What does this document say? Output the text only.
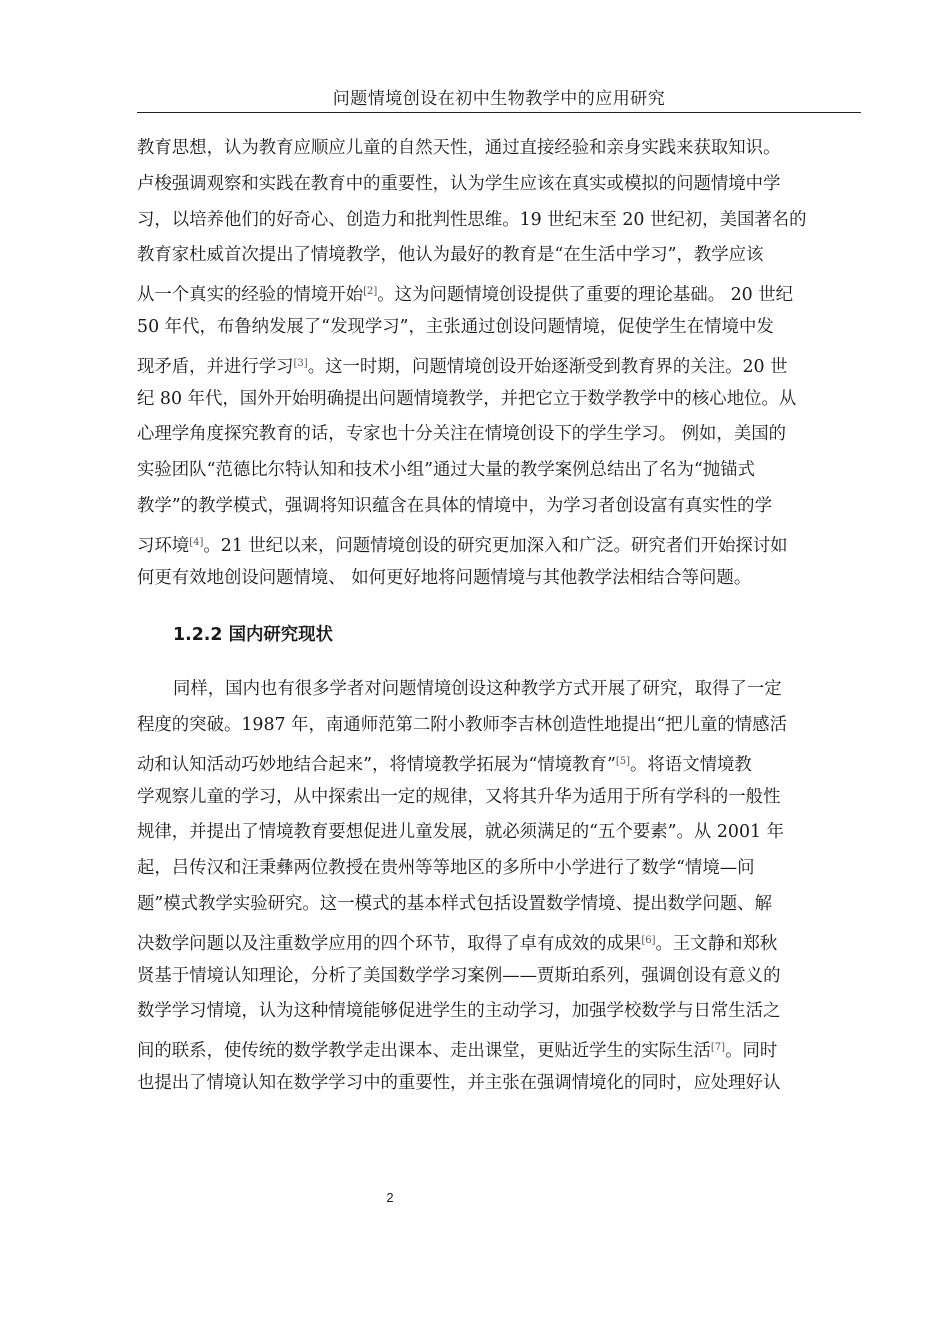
问题情境创设在初中生物教学中的应用研究
教育思想，认为教育应顺应儿童的自然天性，通过直接经验和亲身实践来获取知识。
卢梭强调观察和实践在教育中的重要性，认为学生应该在真实或模拟的问题情境中学
习，以培养他们的好奇心、创造力和批判性思维。19 世纪末至 20 世纪初，美国著名的
教育家杜威首次提出了情境教学，他认为最好的教育是“在生活中学习”，教学应该
从一个真实的经验的情境开始[2]。这为问题情境创设提供了重要的理论基础。 20 世纪
50 年代，布鲁纳发展了“发现学习”，主张通过创设问题情境，促使学生在情境中发
现矛盾，并进行学习[3]。这一时期，问题情境创设开始逐渐受到教育界的关注。20 世
纪 80 年代，国外开始明确提出问题情境教学，并把它立于数学教学中的核心地位。从
心理学角度探究教育的话，专家也十分关注在情境创设下的学生学习。 例如，美国的
实验团队“范德比尔特认知和技术小组”通过大量的教学案例总结出了名为“抛锚式
教学”的教学模式，强调将知识蕴含在具体的情境中，为学习者创设富有真实性的学
习环境[4]。21 世纪以来，问题情境创设的研究更加深入和广泛。研究者们开始探讨如
何更有效地创设问题情境、 如何更好地将问题情境与其他教学法相结合等问题。
1.2.2 国内研究现状
同样，国内也有很多学者对问题情境创设这种教学方式开展了研究，取得了一定
程度的突破。1987 年，南通师范第二附小教师李吉林创造性地提出“把儿童的情感活
动和认知活动巧妙地结合起来”，将情境教学拓展为“情境教育”[5]。将语文情境教
学观察儿童的学习，从中探索出一定的规律，又将其升华为适用于所有学科的一般性
规律，并提出了情境教育要想促进儿童发展，就必须满足的“五个要素”。从 2001 年
起，吕传汉和汪秉彝两位教授在贵州等等地区的多所中小学进行了数学“情境—问
题”模式教学实验研究。这一模式的基本样式包括设置数学情境、提出数学问题、解
决数学问题以及注重数学应用的四个环节，取得了卓有成效的成果[6]。王文静和郑秋
贤基于情境认知理论，分析了美国数学学习案例——贾斯珀系列，强调创设有意义的
数学学习情境，认为这种情境能够促进学生的主动学习，加强学校数学与日常生活之
间的联系，使传统的数学教学走出课本、走出课堂，更贴近学生的实际生活[7]。同时
也提出了情境认知在数学学习中的重要性，并主张在强调情境化的同时，应处理好认
2
